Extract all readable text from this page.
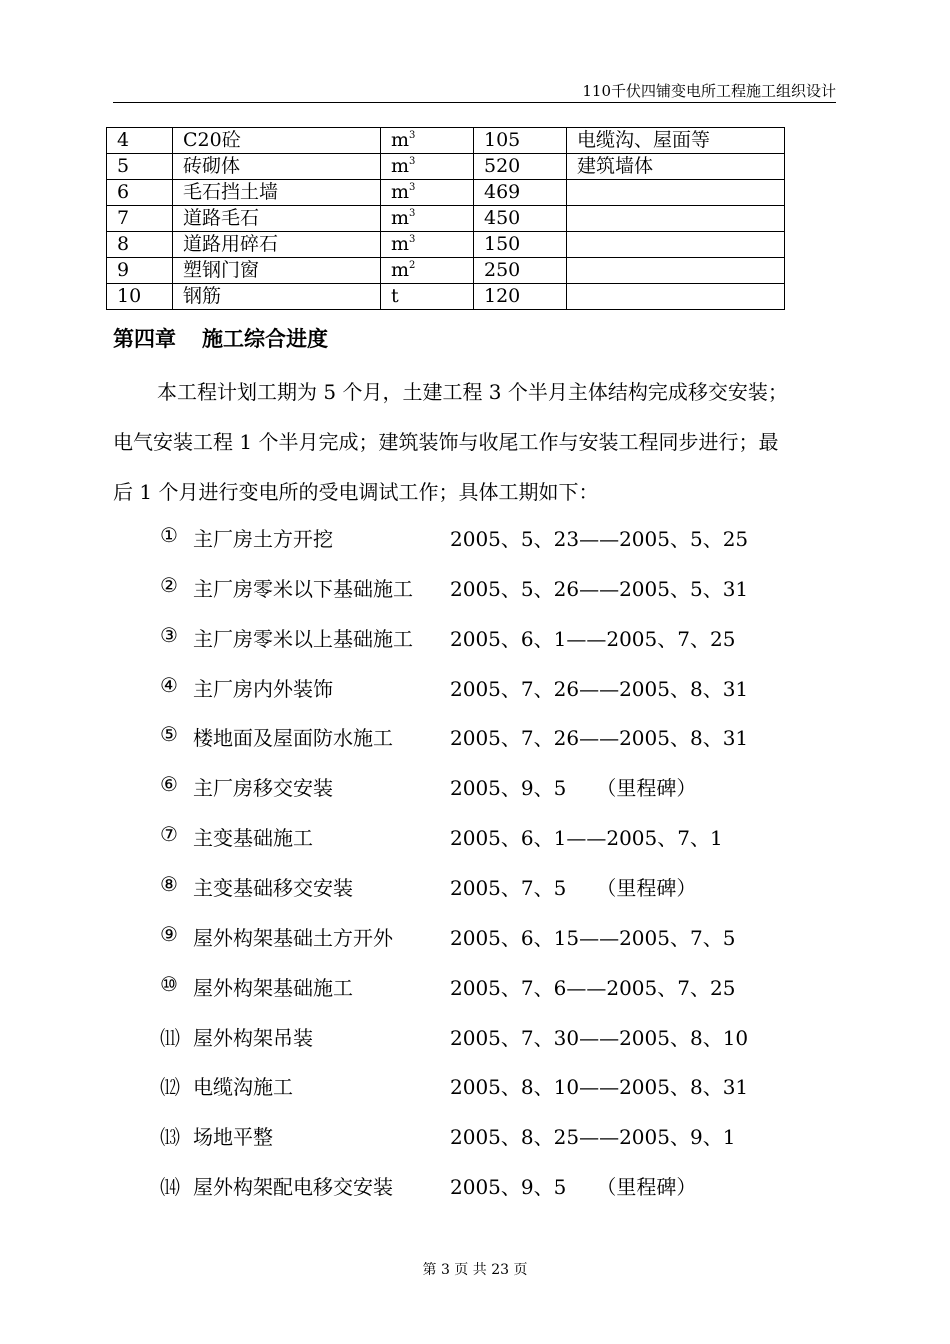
110千伏四铺变电所工程施工组织设计
4	C20砼	$m^3$	105	电缆沟、屋面等
5	砖砌体	$m^3$	520	建筑墙体
6	毛石挡土墙	$m^3$	469	
7	道路毛石	$m^3$	450	
8	道路用碎石	$m^3$	150	
9	塑钢门窗	$m^2$	250	
10	钢筋	t	120	
第四章 施工综合进度
本工程计划工期为 5 个月，土建工程 3 个半月主体结构完成移交安装；
电气安装工程 1 个半月完成；建筑装饰与收尾工作与安装工程同步进行；最
后 1 个月进行变电所的受电调试工作；具体工期如下：
① 主厂房土方开挖	2005、5、23——2005、5、25
② 主厂房零米以下基础施工 2005、5、26——2005、5、31
③ 主厂房零米以上基础施工 2005、6、1——2005、7、25
④ 主厂房内外装饰	2005、7、26——2005、8、31
⑤ 楼地面及屋面防水施工	2005、7、26——2005、8、31
⑥ 主厂房移交安装	2005、9、5　　（里程碑）
⑦ 主变基础施工	2005、6、1——2005、7、1
⑧ 主变基础移交安装	2005、7、5　　（里程碑）
⑨ 屋外构架基础土方开外	2005、6、15——2005、7、5
⑩ 屋外构架基础施工	2005、7、6——2005、7、25
⑾ 屋外构架吊装	2005、7、30——2005、8、10
⑿ 电缆沟施工	2005、8、10——2005、8、31
⒀ 场地平整	2005、8、25——2005、9、1
⒁ 屋外构架配电移交安装	2005、9、5　　（里程碑）
第 3 页 共 23 页
